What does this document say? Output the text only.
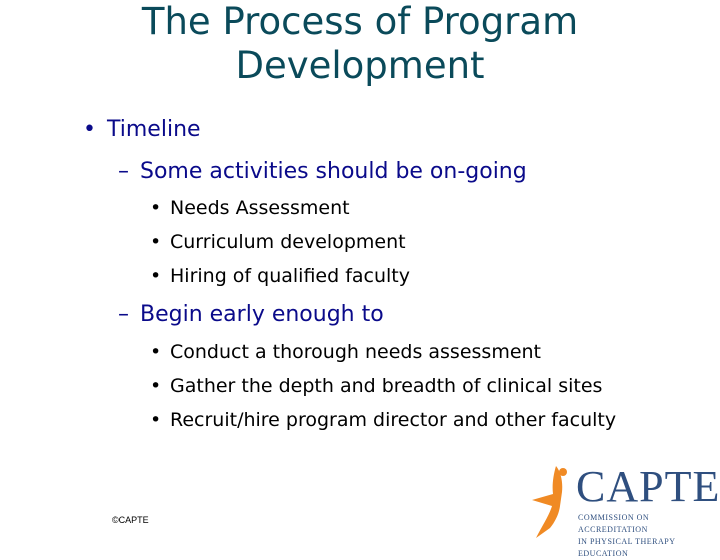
The Process of Program
Development
• Timeline
– Some activities should be on-going
• Needs Assessment
• Curriculum development
• Hiring of qualified faculty
– Begin early enough to
• Conduct a thorough needs assessment
• Gather the depth and breadth of clinical sites
• Recruit/hire program director and other faculty
©CAPTE
CAPTE
COMMISSION ON ACCREDITATION
IN PHYSICAL THERAPY EDUCATION
